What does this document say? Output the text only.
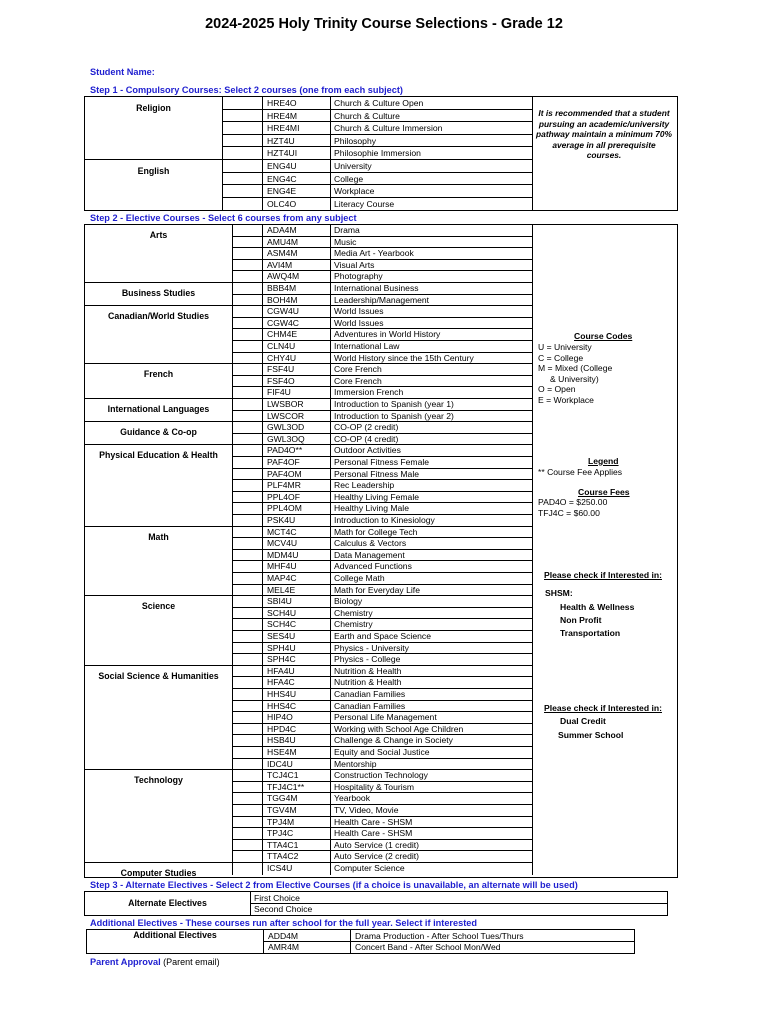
2024-2025 Holy Trinity Course Selections - Grade 12
Student Name:
Step 1 - Compulsory Courses: Select 2 courses (one from each subject)
Religion	HRE4O	Church & Culture Open
HRE4M	Church & Culture
HRE4MI	Church & Culture Immersion
HZT4U	Philosophy
HZT4UI	Philosophie Immersion
English	ENG4U	University
ENG4C	College
ENG4E	Workplace
OLC4O	Literacy Course
It is recommended that a student pursuing an academic/university pathway maintain a minimum 70% average in all prerequisite courses.
Step 2 - Elective Courses - Select 6 courses from any subject
Arts	ADA4M	Drama
AMU4M	Music
ASM4M	Media Art - Yearbook
AVI4M	Visual Arts
AWQ4M	Photography
Business Studies	BBB4M	International Business
BOH4M	Leadership/Management
Canadian/World Studies	CGW4U	World Issues
CGW4C	World Issues
CHM4E	Adventures in World History
CLN4U	International Law
CHY4U	World History since the 15th Century
French	FSF4U	Core French
FSF4O	Core French
FIF4U	Immersion French
International Languages	LWSBOR	Introduction to Spanish (year 1)
LWSCOR	Introduction to Spanish (year 2)
Guidance & Co-op	GWL3OD	CO-OP (2 credit)
GWL3OQ	CO-OP (4 credit)
Physical Education & Health	PAD4O**	Outdoor Activities
PAF4OF	Personal Fitness Female
PAF4OM	Personal Fitness Male
PLF4MR	Rec Leadership
PPL4OF	Healthy Living Female
PPL4OM	Healthy Living Male
PSK4U	Introduction to Kinesiology
Math	MCT4C	Math for College Tech
MCV4U	Calculus & Vectors
MDM4U	Data Management
MHF4U	Advanced Functions
MAP4C	College Math
MEL4E	Math for Everyday Life
Science	SBI4U	Biology
SCH4U	Chemistry
SCH4C	Chemistry
SES4U	Earth and Space Science
SPH4U	Physics - University
SPH4C	Physics - College
Social Science & Humanities	HFA4U	Nutrition & Health
HFA4C	Nutrition & Health
HHS4U	Canadian Families
HHS4C	Canadian Families
HIP4O	Personal Life Management
HPD4C	Working with School Age Children
HSB4U	Challenge & Change in Society
HSE4M	Equity and Social Justice
IDC4U	Mentorship
Technology	TCJ4C1	Construction Technology
TFJ4C1**	Hospitality & Tourism
TGG4M	Yearbook
TGV4M	TV, Video, Movie
TPJ4M	Health Care - SHSM
TPJ4C	Health Care - SHSM
TTA4C1	Auto Service (1 credit)
TTA4C2	Auto Service (2 credit)
Computer Studies	ICS4U	Computer Science
Course Codes
U = University
C = College
M = Mixed (College
& University)
O = Open
E = Workplace
Legend
** Course Fee Applies
Course Fees
PAD4O = $250.00
TFJ4C = $60.00
Please check if Interested in:
SHSM:
Health & Wellness
Non Profit
Transportation
Please check if Interested in:
Dual Credit
Summer School
Step 3 - Alternate Electives - Select 2 from Elective Courses (if a choice is unavailable, an alternate will be used)
Alternate Electives	First Choice
Second Choice
Additional Electives - These courses run after school for the full year. Select if interested
Additional Electives	ADD4M	Drama Production - After School Tues/Thurs
AMR4M	Concert Band - After School Mon/Wed
Parent Approval (Parent email)
